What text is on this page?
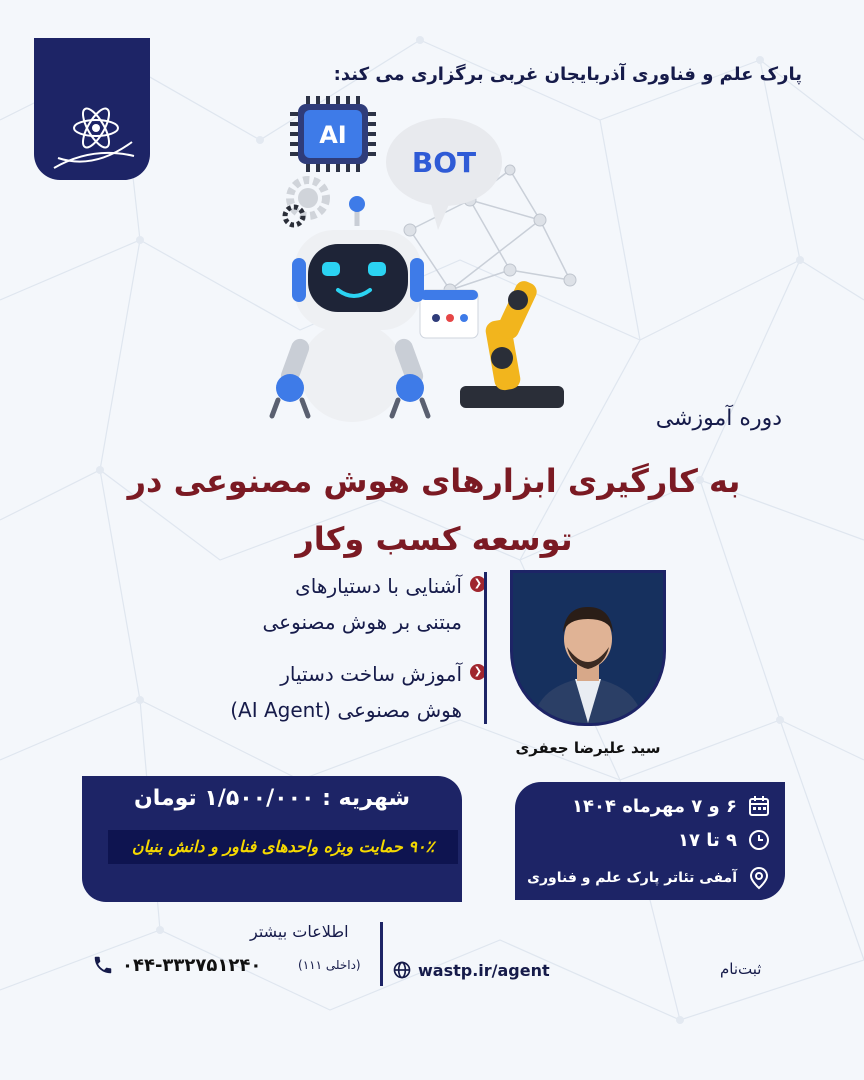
پارک علم و فناوری آذربایجان غربی برگزاری می کند:
AI
BOT
دوره آموزشی
به کارگیری ابزارهای هوش مصنوعی در
توسعه کسب وکار
❮
آشنایی با دستیارهای
مبتنی بر هوش مصنوعی
❮
آموزش ساخت دستیار
هوش مصنوعی (AI Agent)
سید علیرضا جعفری
شهریه : ۱/۵۰۰/۰۰۰ تومان
۹۰٪ حمایت ویژه واحدهای فناور و دانش بنیان
۶ و ۷ مهرماه ۱۴۰۴
۹ تا ۱۷
آمفی تئاتر پارک علم و فناوری
اطلاعات بیشتر
۰۴۴-۳۳۲۷۵۱۲۴۰	(داخلی ۱۱۱)	wastp.ir/agent	ثبت‌نام
